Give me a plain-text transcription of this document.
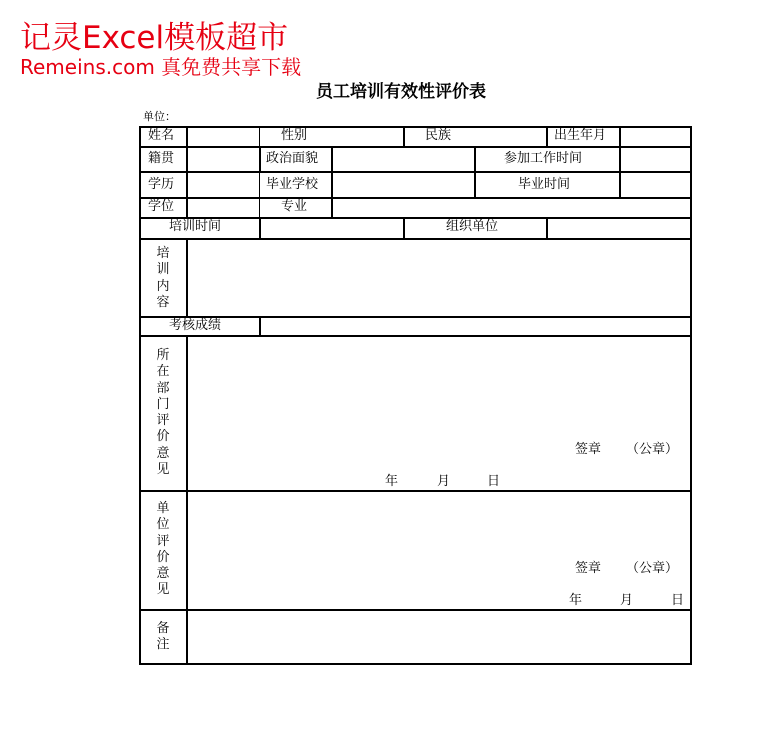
记灵Excel模板超市
Remeins.com 真免费共享下载
员工培训有效性评价表
单位：
姓名	性别	民族	出生年月
籍贯	政治面貌	参加工作时间
学历	毕业学校	毕业时间
学位	专业
培训时间	组织单位
培训内容
考核成绩
所在部门评价意见
签章 （公章）
年	月	日
单位评价意见
签章 （公章）
年	月	日
备注
